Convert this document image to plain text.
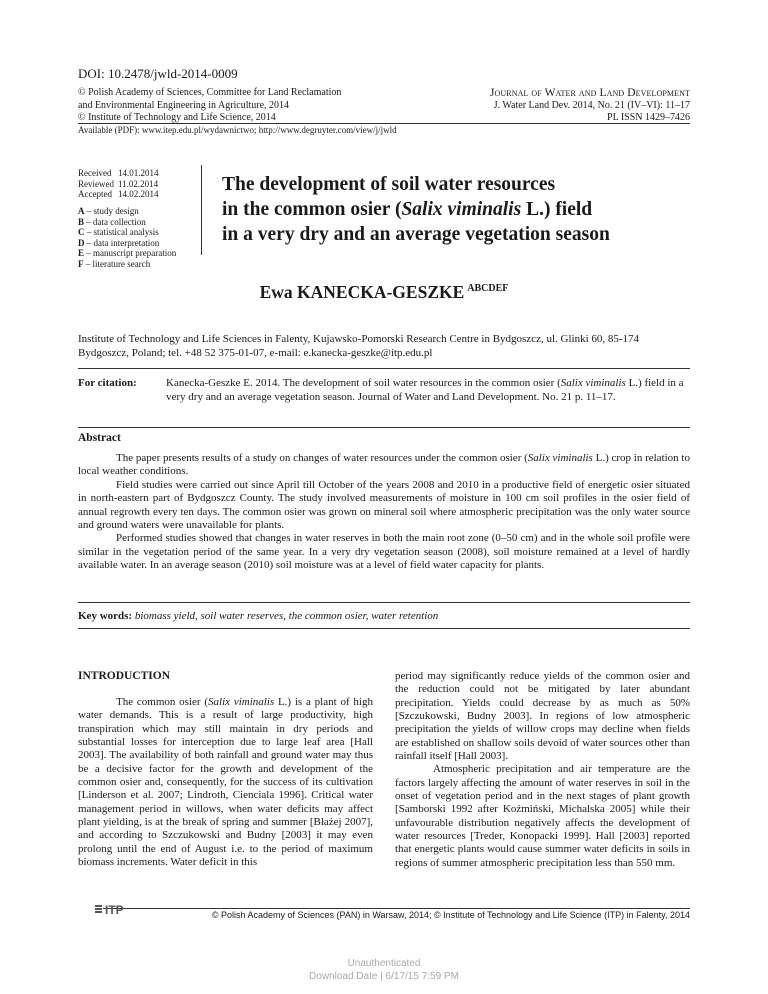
DOI: 10.2478/jwld-2014-0009
© Polish Academy of Sciences, Committee for Land Reclamation
and Environmental Engineering in Agriculture, 2014
© Institute of Technology and Life Science, 2014
Journal of Water and Land Development
J. Water Land Dev. 2014, No. 21 (IV–VI): 11–17
PL ISSN 1429–7426
Available (PDF): www.itep.edu.pl/wydawnictwo; http://www.degruyter.com/view/j/jwld
Received	14.01.2014
Reviewed	11.02.2014
Accepted	14.02.2014
A – study design
B – data collection
C – statistical analysis
D – data interpretation
E – manuscript preparation
F – literature search
The development of soil water resources
in the common osier (Salix viminalis L.) field
in a very dry and an average vegetation season
Ewa KANECKA-GESZKE $^{ABCDEF}$
Institute of Technology and Life Sciences in Falenty, Kujawsko-Pomorski Research Centre in Bydgoszcz, ul. Glinki 60, 85-174 Bydgoszcz, Poland; tel. +48 52 375-01-07, e-mail: e.kanecka-geszke@itp.edu.pl
For citation:	Kanecka-Geszke E. 2014. The development of soil water resources in the common osier (Salix viminalis L.) field in a very dry and an average vegetation season. Journal of Water and Land Development. No. 21 p. 11–17.
Abstract

The paper presents results of a study on changes of water resources under the common osier (Salix viminalis L.) crop in relation to local weather conditions.

Field studies were carried out since April till October of the years 2008 and 2010 in a productive field of energetic osier situated in north-eastern part of Bydgoszcz County. The study involved measurements of moisture in 100 cm soil profiles in the osier field of annual regrowth every ten days. The common osier was grown on mineral soil where atmospheric precipitation was the only water source and ground waters were unavailable for plants.

Performed studies showed that changes in water reserves in both the main root zone (0–50 cm) and in the whole soil profile were similar in the vegetation period of the same year. In a very dry vegetation season (2008), soil moisture remained at a level of hardly available water. In an average season (2010) soil moisture was at a level of field water capacity for plants.

Key words: biomass yield, soil water reserves, the common osier, water retention
INTRODUCTION

The common osier (Salix viminalis L.) is a plant of high water demands. This is a result of large productivity, high transpiration which may still maintain in dry periods and substantial losses for interception due to large leaf area [Hall 2003]. The availability of both rainfall and ground water may thus be a decisive factor for the growth and development of the common osier and, consequently, for the success of its cultivation [Linderson et al. 2007; Lindroth, Cienciala 1996]. Critical water management period in willows, when water deficits may affect plant yielding, is at the break of spring and summer [Błażej 2007], and according to Szczukowski and Budny [2003] it may even prolong until the end of August i.e. to the period of maximum biomass increments. Water deficit in this

period may significantly reduce yields of the common osier and the reduction could not be mitigated by later abundant precipitation. Yields could decrease by as much as 50% [Szczukowski, Budny 2003]. In regions of low atmospheric precipitation the yields of willow crops may decline when fields are established on shallow soils devoid of water sources other than rainfall itself [Hall 2003].

Atmospheric precipitation and air temperature are the factors largely affecting the amount of water reserves in soil in the onset of vegetation period and in the next stages of plant growth [Samborski 1992 after Koźmiński, Michalska 2005] while their unfavourable distribution negatively affects the development of water resources [Treder, Konopacki 1999]. Hall [2003] reported that energetic plants would cause summer water deficits in soils in regions of summer atmospheric precipitation less than 550 mm.

ITP	© Polish Academy of Sciences (PAN) in Warsaw, 2014; © Institute of Technology and Life Science (ITP) in Falenty, 2014
Unauthenticated
Download Date | 6/17/15 7:59 PM
